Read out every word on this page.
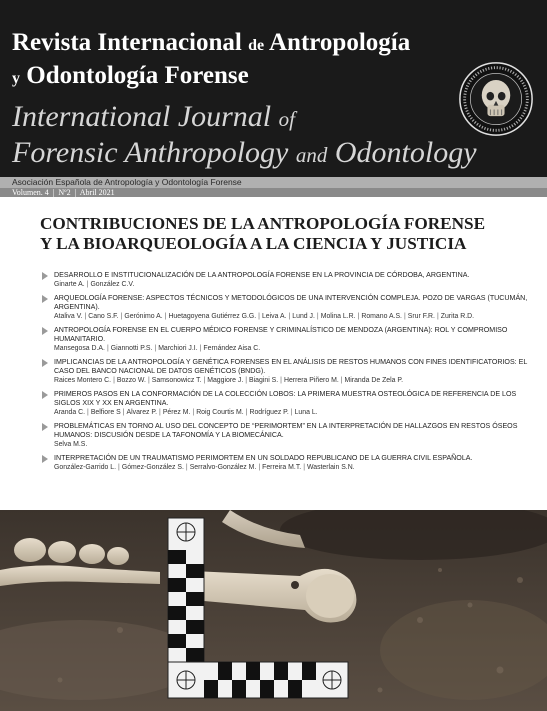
Revista Internacional de Antropología
y Odontología Forense
International Journal of
Forensic Anthropology and Odontology
Asociación Española de Antropología y Odontología Forense
Volumen. 4  |  Nº2  |  Abril 2021
CONTRIBUCIONES DE LA ANTROPOLOGÍA FORENSE
Y LA BIOARQUEOLOGÍA A LA CIENCIA Y JUSTICIA
DESARROLLO E INSTITUCIONALIZACIÓN DE LA ANTROPOLOGÍA FORENSE EN LA PROVINCIA DE CÓRDOBA, ARGENTINA.
Ginarte A. | González C.V.
ARQUEOLOGÍA FORENSE: ASPECTOS TÉCNICOS Y METODOLÓGICOS DE UNA INTERVENCIÓN COMPLEJA. POZO DE VARGAS (TUCUMÁN, ARGENTINA).
Ataliva V. | Cano S.F. | Gerónimo A. | Huetagoyena Gutiérrez G.G. | Leiva A. | Lund J. | Molina L.R. | Romano A.S. | Srur F.R. | Zurita R.D.
ANTROPOLOGÍA FORENSE EN EL CUERPO MÉDICO FORENSE Y CRIMINALÍSTICO DE MENDOZA (ARGENTINA): ROL Y COMPROMISO HUMANITARIO.
Mansegosa D.A. | Giannotti P.S. | Marchiori J.I. | Fernández Aisa C.
IMPLICANCIAS DE LA ANTROPOLOGÍA Y GENÉTICA FORENSES EN EL ANÁLISIS DE RESTOS HUMANOS CON FINES IDENTIFICATORIOS: EL CASO DEL BANCO NACIONAL DE DATOS GENÉTICOS (BNDG).
Raices Montero C. | Bozzo W. | Samsonowicz T. | Maggiore J. | Biagini S. | Herrera Piñero M. | Miranda De Zela P.
PRIMEROS PASOS EN LA CONFORMACIÓN DE LA COLECCIÓN LOBOS: LA PRIMERA MUESTRA OSTEOLÓGICA DE REFERENCIA DE LOS SIGLOS XIX Y XX EN ARGENTINA.
Aranda C. | Belfiore S | Alvarez P. | Pérez M. | Roig Courtis M. | Rodríguez P. | Luna L.
PROBLEMÁTICAS EN TORNO AL USO DEL CONCEPTO DE “PERIMORTEM” EN LA INTERPRETACIÓN DE HALLAZGOS EN RESTOS ÓSEOS HUMANOS: DISCUSIÓN DESDE LA TAFONOMÍA Y LA BIOMECÁNICA.
Selva M.S.
INTERPRETACIÓN DE UN TRAUMATISMO PERIMORTEM EN UN SOLDADO REPUBLICANO DE LA GUERRA CIVIL ESPAÑOLA.
González-Garrido L. | Gómez-González S. | Serralvo-González M. | Ferreira M.T. | Wasterlain S.N.
